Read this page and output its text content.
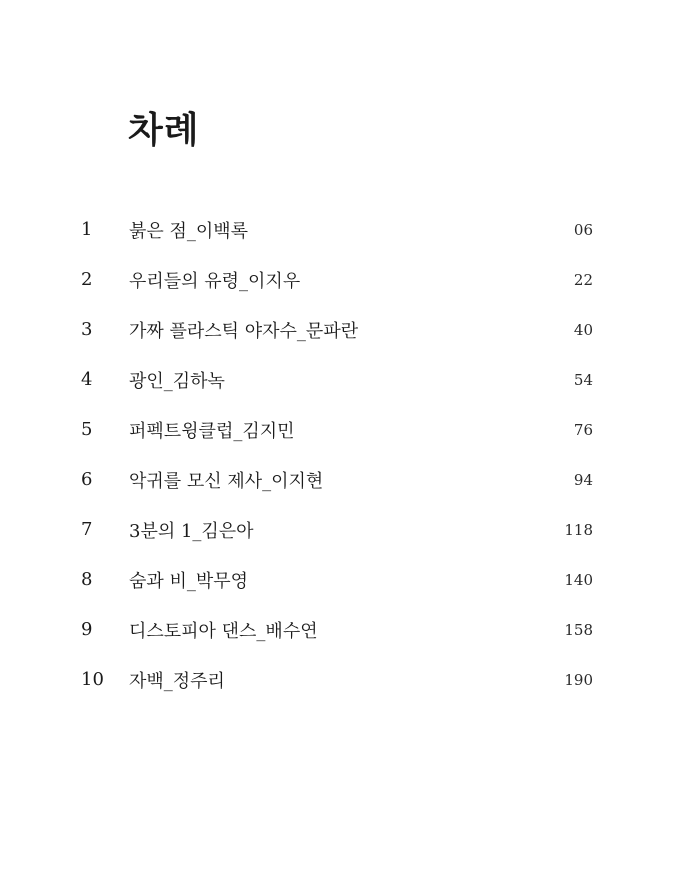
차례
1 붉은 점_이백록	06
2 우리들의 유령_이지우	22
3 가짜 플라스틱 야자수_문파란	40
4 광인_김하녹	54
5 퍼펙트윙클럽_김지민	76
6 악귀를 모신 제사_이지현	94
7 3분의 1_김은아	118
8 숨과 비_박무영	140
9 디스토피아 댄스_배수연	158
10 자백_정주리	190
